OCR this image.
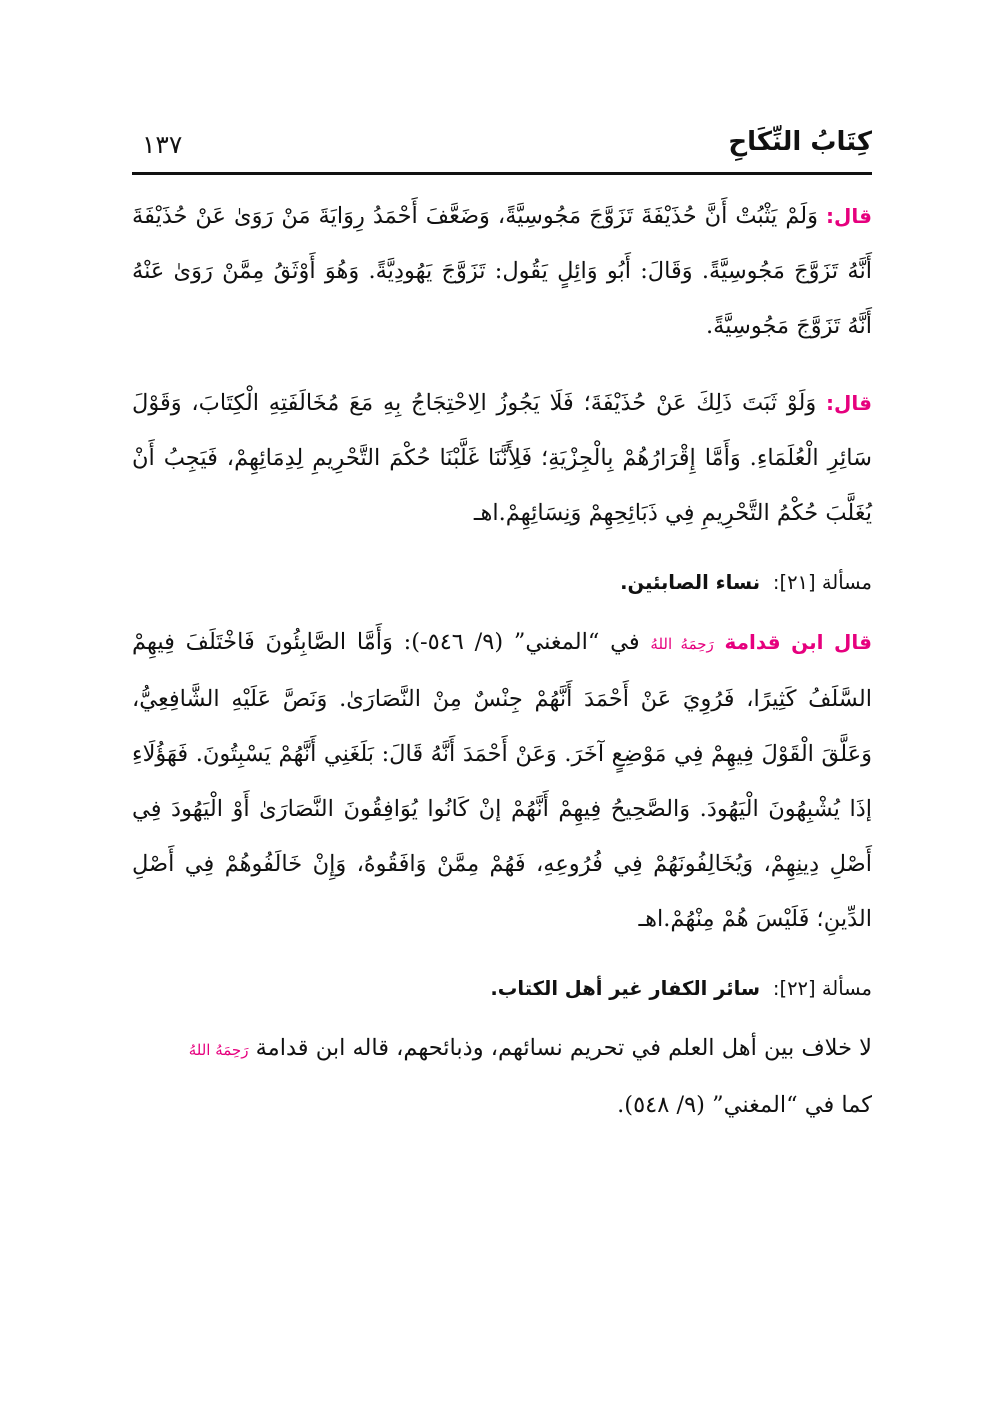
كِتَابُ النِّكَاحِ
١٣٧

قال: وَلَمْ يَثْبُتْ أَنَّ حُذَيْفَةَ تَزَوَّجَ مَجُوسِيَّةً، وَضَعَّفَ أَحْمَدُ رِوَايَةَ مَنْ رَوَىٰ عَنْ حُذَيْفَةَ أَنَّهُ تَزَوَّجَ مَجُوسِيَّةً. وَقَالَ: أَبُو وَائِلٍ يَقُول: تَزَوَّجَ يَهُودِيَّةً. وَهُوَ أَوْثَقُ مِمَّنْ رَوَىٰ عَنْهُ أَنَّهُ تَزَوَّجَ مَجُوسِيَّةً.

قال: وَلَوْ ثَبَتَ ذَلِكَ عَنْ حُذَيْفَةَ؛ فَلَا يَجُوزُ الِاحْتِجَاجُ بِهِ مَعَ مُخَالَفَتِهِ الْكِتَابَ، وَقَوْلَ سَائِرِ الْعُلَمَاءِ. وَأَمَّا إِقْرَارُهُمْ بِالْجِزْيَةِ؛ فَلِأَنَّنَا غَلَّبْنَا حُكْمَ التَّحْرِيمِ لِدِمَائِهِمْ، فَيَجِبُ أَنْ يُغَلَّبَ حُكْمُ التَّحْرِيمِ فِي ذَبَائِحِهِمْ وَنِسَائِهِمْ.اهـ

مسألة [٢١]: نساء الصابئين.

قال ابن قدامة رَحِمَهُ اللهُ في “المغني” (٩/ ٥٤٦-): وَأَمَّا الصَّابِئُونَ فَاخْتَلَفَ فِيهِمْ السَّلَفُ كَثِيرًا، فَرُوِيَ عَنْ أَحْمَدَ أَنَّهُمْ جِنْسٌ مِنْ النَّصَارَىٰ. وَنَصَّ عَلَيْهِ الشَّافِعِيُّ، وَعَلَّقَ الْقَوْلَ فِيهِمْ فِي مَوْضِعٍ آخَرَ. وَعَنْ أَحْمَدَ أَنَّهُ قَالَ: بَلَغَنِي أَنَّهُمْ يَسْبِتُونَ. فَهَؤُلَاءِ إذَا يُشْبِهُونَ الْيَهُودَ. وَالصَّحِيحُ فِيهِمْ أَنَّهُمْ إنْ كَانُوا يُوَافِقُونَ النَّصَارَىٰ أَوْ الْيَهُودَ فِي أَصْلِ دِينِهِمْ، وَيُخَالِفُونَهُمْ فِي فُرُوعِهِ، فَهُمْ مِمَّنْ وَافَقُوهُ، وَإِنْ خَالَفُوهُمْ فِي أَصْلِ الدِّينِ؛ فَلَيْسَ هُمْ مِنْهُمْ.اهـ

مسألة [٢٢]: سائر الكفار غير أهل الكتاب.

لا خلاف بين أهل العلم في تحريم نسائهم، وذبائحهم، قاله ابن قدامة رَحِمَهُ اللهُ
كما في “المغني” (٩/ ٥٤٨).
